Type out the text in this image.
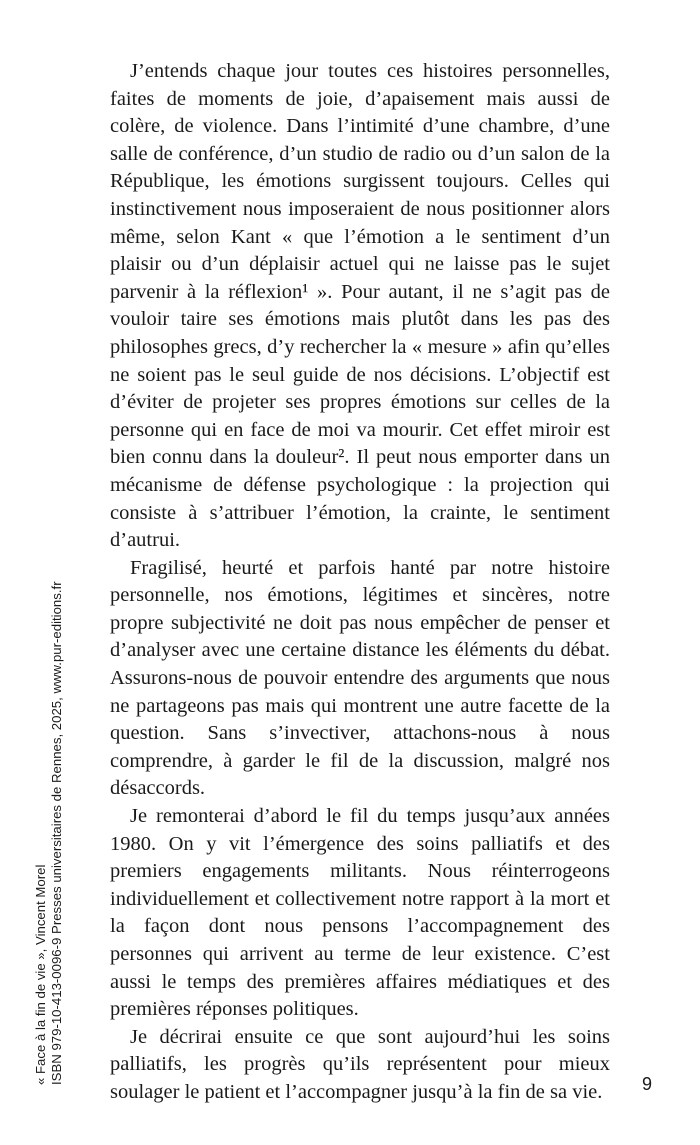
J’entends chaque jour toutes ces histoires personnelles, faites de moments de joie, d’apaisement mais aussi de colère, de violence. Dans l’intimité d’une chambre, d’une salle de conférence, d’un studio de radio ou d’un salon de la République, les émotions surgissent toujours. Celles qui instinctivement nous imposeraient de nous positionner alors même, selon Kant « que l’émotion a le sentiment d’un plaisir ou d’un déplaisir actuel qui ne laisse pas le sujet parvenir à la réflexion¹ ». Pour autant, il ne s’agit pas de vouloir taire ses émotions mais plutôt dans les pas des philosophes grecs, d’y rechercher la « mesure » afin qu’elles ne soient pas le seul guide de nos décisions. L’objectif est d’éviter de projeter ses propres émotions sur celles de la personne qui en face de moi va mourir. Cet effet miroir est bien connu dans la douleur². Il peut nous emporter dans un mécanisme de défense psychologique : la projection qui consiste à s’attribuer l’émotion, la crainte, le sentiment d’autrui.

Fragilisé, heurté et parfois hanté par notre histoire personnelle, nos émotions, légitimes et sincères, notre propre subjectivité ne doit pas nous empêcher de penser et d’analyser avec une certaine distance les éléments du débat. Assurons-nous de pouvoir entendre des arguments que nous ne partageons pas mais qui montrent une autre facette de la question. Sans s’invectiver, attachons-nous à nous comprendre, à garder le fil de la discussion, malgré nos désaccords.

Je remonterai d’abord le fil du temps jusqu’aux années 1980. On y vit l’émergence des soins palliatifs et des premiers engagements militants. Nous réinterrogeons individuellement et collectivement notre rapport à la mort et la façon dont nous pensons l’accompagnement des personnes qui arrivent au terme de leur existence. C’est aussi le temps des premières affaires médiatiques et des premières réponses politiques.

Je décrirai ensuite ce que sont aujourd’hui les soins palliatifs, les progrès qu’ils représentent pour mieux soulager le patient et l’accompagner jusqu’à la fin de sa vie.

« Face à la fin de vie », Vincent Morel ISBN 979-10-413-0096-9 Presses universitaires de Rennes, 2025, www.pur-editions.fr	9
